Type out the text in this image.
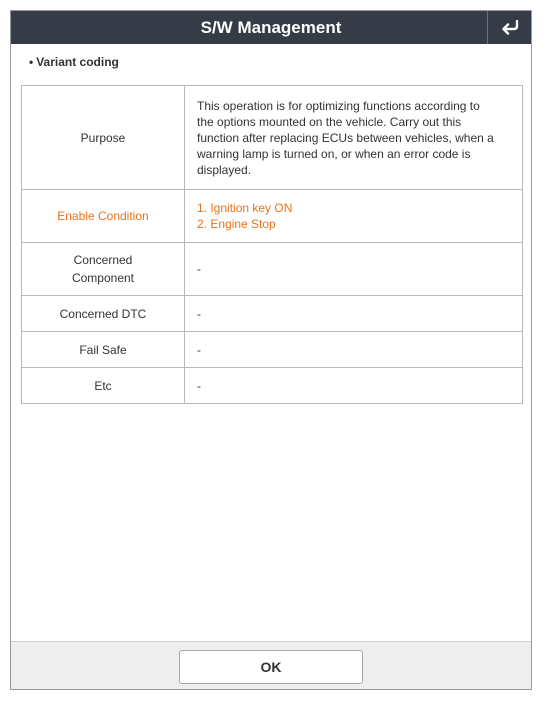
S/W Management
• Variant coding
Purpose	This operation is for optimizing functions according to
the options mounted on the vehicle. Carry out this
function after replacing ECUs between vehicles, when a
warning lamp is turned on, or when an error code is
displayed.

Enable Condition	1. Ignition key ON
2. Engine Stop

Concerned
Component	-
Concerned DTC	-
Fail Safe	-
Etc	-
OK
